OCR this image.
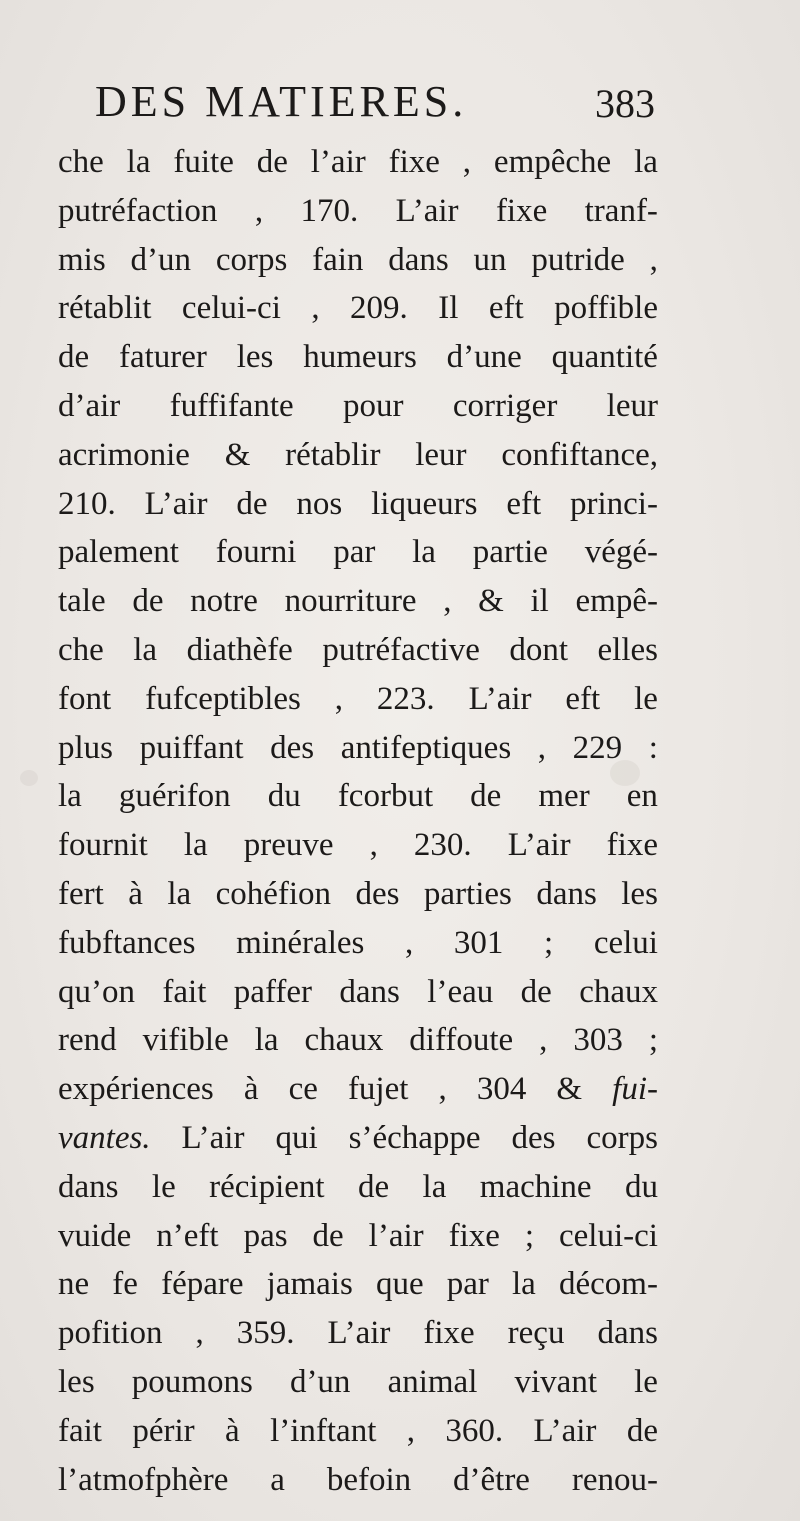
DES MATIERES.	383
che la fuite de l’air fixe , empêche la
putréfaction , 170. L’air fixe tranf-
mis d’un corps fain dans un putride ,
rétablit celui-ci , 209. Il eft poffible
de faturer les humeurs d’une quantité
d’air fuffifante pour corriger leur
acrimonie & rétablir leur confiftance,
210. L’air de nos liqueurs eft princi-
palement fourni par la partie végé-
tale de notre nourriture , & il empê-
che la diathèfe putréfactive dont elles
font fufceptibles , 223. L’air eft le
plus puiffant des antifeptiques , 229 :
la guérifon du fcorbut de mer en
fournit la preuve , 230. L’air fixe
fert à la cohéfion des parties dans les
fubftances minérales , 301 ; celui
qu’on fait paffer dans l’eau de chaux
rend vifible la chaux diffoute , 303 ;
expériences à ce fujet , 304 & fui-
vantes. L’air qui s’échappe des corps
dans le récipient de la machine du
vuide n’eft pas de l’air fixe ; celui-ci
ne fe fépare jamais que par la décom-
pofition , 359. L’air fixe reçu dans
les poumons d’un animal vivant le
fait périr à l’inftant , 360. L’air de
l’atmofphère a befoin d’être renou-
